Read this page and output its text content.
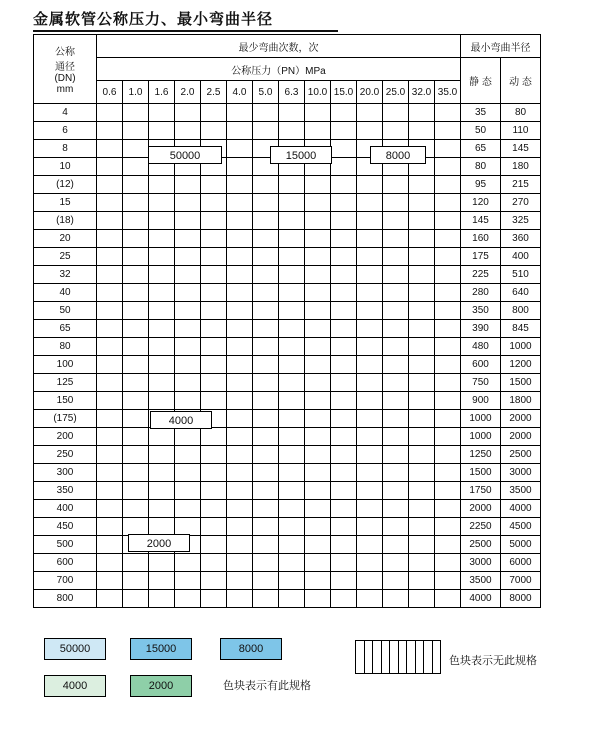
金属软管公称压力、最小弯曲半径
公称
通径
(DN)
mm	最少弯曲次数，次														最小弯曲半径	
	公称压力（PN）MPa														静 态	动 态
	0.6	1.0	1.6	2.0	2.5	4.0	5.0	6.3	10.0	15.0	20.0	25.0	32.0	35.0		
4															35	80
6															50	110
8															65	145
10															80	180
(12)															95	215
15															120	270
(18)															145	325
20															160	360
25															175	400
32															225	510
40															280	640
50															350	800
65															390	845
80															480	1000
100															600	1200
125															750	1500
150															900	1800
(175)															1000	2000
200															1000	2000
250															1250	2500
300															1500	3000
350															1750	3500
400															2000	4000
450															2250	4500
500															2500	5000
600															3000	6000
700															3500	7000
800															4000	8000
50000	15000	8000
4000
2000
50000	15000	8000
4000	2000	色块表示有此规格
色块表示无此规格
